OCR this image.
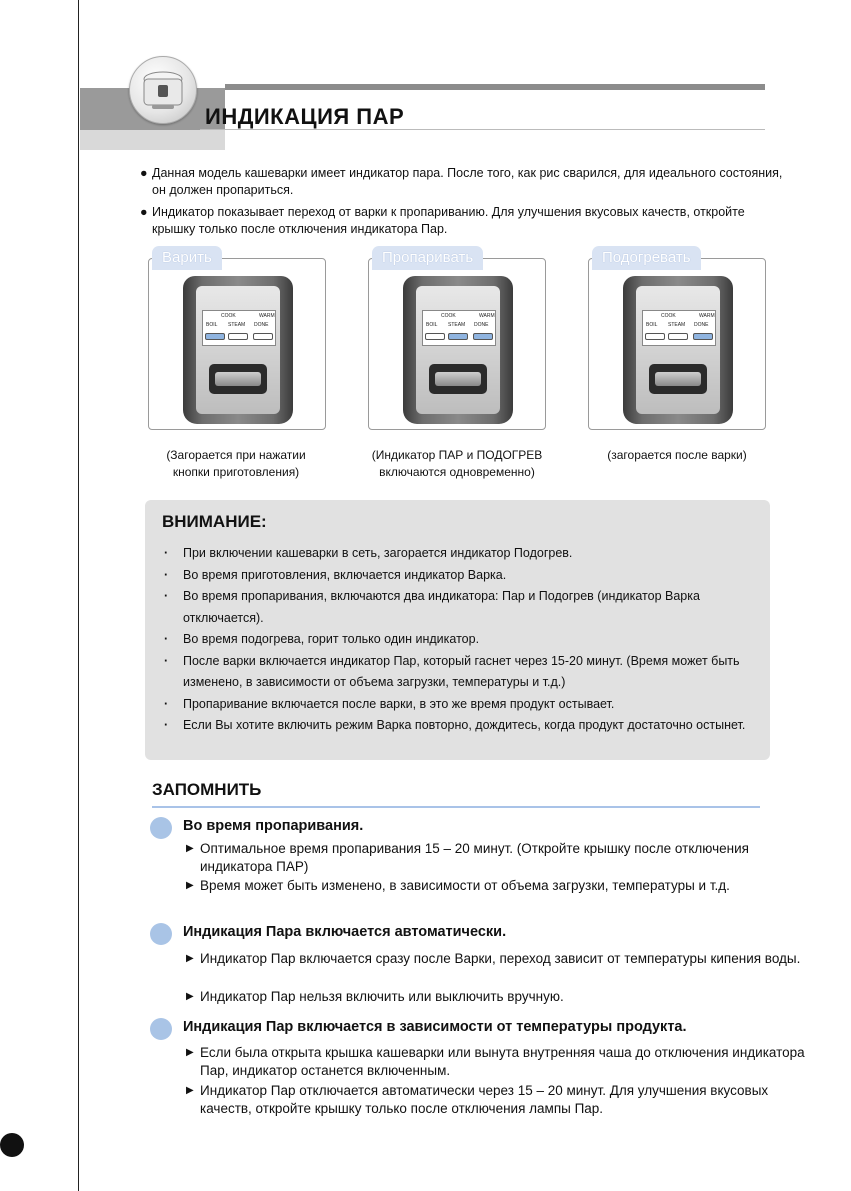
ИНДИКАЦИЯ ПАР
● Данная модель кашеварки имеет индикатор пара. После того, как рис сварился, для идеального состояния, он должен пропариться.
● Индикатор показывает переход от варки к пропариванию. Для улучшения вкусовых качеств, откройте крышку только после отключения индикатора Пар.
Варить
COOK	WARM
BOIL STEAM DONE
(Загорается при нажатии
кнопки приготовления)
Пропаривать
COOK	WARM
BOIL STEAM DONE
(Индикатор ПАР и ПОДОГРЕВ
включаются одновременно)
Подогревать
COOK	WARM
BOIL STEAM DONE
(загорается после варки)
ВНИМАНИЕ:
· При включении кашеварки в сеть, загорается индикатор Подогрев.
· Во время приготовления, включается индикатор Варка.
· Во время пропаривания, включаются два индикатора: Пар и Подогрев (индикатор Варка отключается).
· Во время подогрева, горит только один индикатор.
· После варки включается индикатор Пар, который гаснет через 15-20 минут. (Время может быть изменено, в зависимости от объема загрузки, температуры и т.д.)
· Пропаривание включается после варки, в это же время продукт остывает.
· Если Вы хотите включить режим Варка повторно, дождитесь, когда продукт достаточно остынет.
ЗАПОМНИТЬ
Во время пропаривания.
▶ Оптимальное время пропаривания 15 – 20 минут. (Откройте крышку после отключения индикатора ПАР)
▶ Время может быть изменено, в зависимости от объема загрузки, температуры и т.д.
Индикация Пара включается автоматически.
▶ Индикатор Пар включается сразу после Варки, переход зависит от температуры кипения воды.
▶ Индикатор Пар нельзя включить или выключить вручную.
Индикация Пар включается в зависимости от температуры продукта.
▶ Если была открыта крышка кашеварки или вынута внутренняя чаша до отключения индикатора Пар, индикатор останется включенным.
▶ Индикатор Пар отключается автоматически через 15 – 20 минут. Для улучшения вкусовых качеств, откройте крышку только после отключения лампы Пар.
